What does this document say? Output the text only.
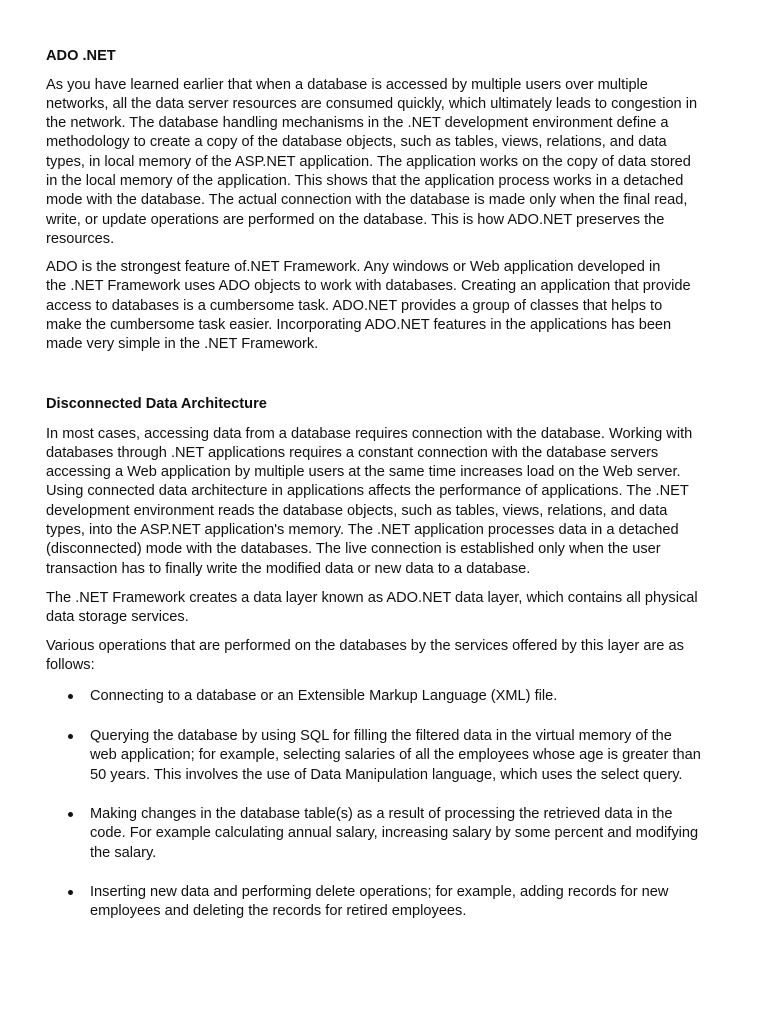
ADO .NET
As you have learned earlier that when a database is accessed by multiple users over multiple
networks, all the data server resources are consumed quickly, which ultimately leads to congestion in
the network. The database handling mechanisms in the .NET development environment define a
methodology to create a copy of the database objects, such as tables, views, relations, and data
types, in local memory of the ASP.NET application. The application works on the copy of data stored
in the local memory of the application. This shows that the application process works in a detached
mode with the database. The actual connection with the database is made only when the final read,
write, or update operations are performed on the database. This is how ADO.NET preserves the
resources.
ADO is the strongest feature of.NET Framework. Any windows or Web application developed in
the .NET Framework uses ADO objects to work with databases. Creating an application that provide
access to databases is a cumbersome task. ADO.NET provides a group of classes that helps to
make the cumbersome task easier. Incorporating ADO.NET features in the applications has been
made very simple in the .NET Framework.
Disconnected Data Architecture
In most cases, accessing data from a database requires connection with the database. Working with
databases through .NET applications requires a constant connection with the database servers
accessing a Web application by multiple users at the same time increases load on the Web server.
Using connected data architecture in applications affects the performance of applications. The .NET
development environment reads the database objects, such as tables, views, relations, and data
types, into the ASP.NET application's memory. The .NET application processes data in a detached
(disconnected) mode with the databases. The live connection is established only when the user
transaction has to finally write the modified data or new data to a database.
The .NET Framework creates a data layer known as ADO.NET data layer, which contains all physical
data storage services.
Various operations that are performed on the databases by the services offered by this layer are as
follows:
Connecting to a database or an Extensible Markup Language (XML) file.
Querying the database by using SQL for filling the filtered data in the virtual memory of the
web application; for example, selecting salaries of all the employees whose age is greater than
50 years. This involves the use of Data Manipulation language, which uses the select query.
Making changes in the database table(s) as a result of processing the retrieved data in the
code. For example calculating annual salary, increasing salary by some percent and modifying
the salary.
Inserting new data and performing delete operations; for example, adding records for new
employees and deleting the records for retired employees.
